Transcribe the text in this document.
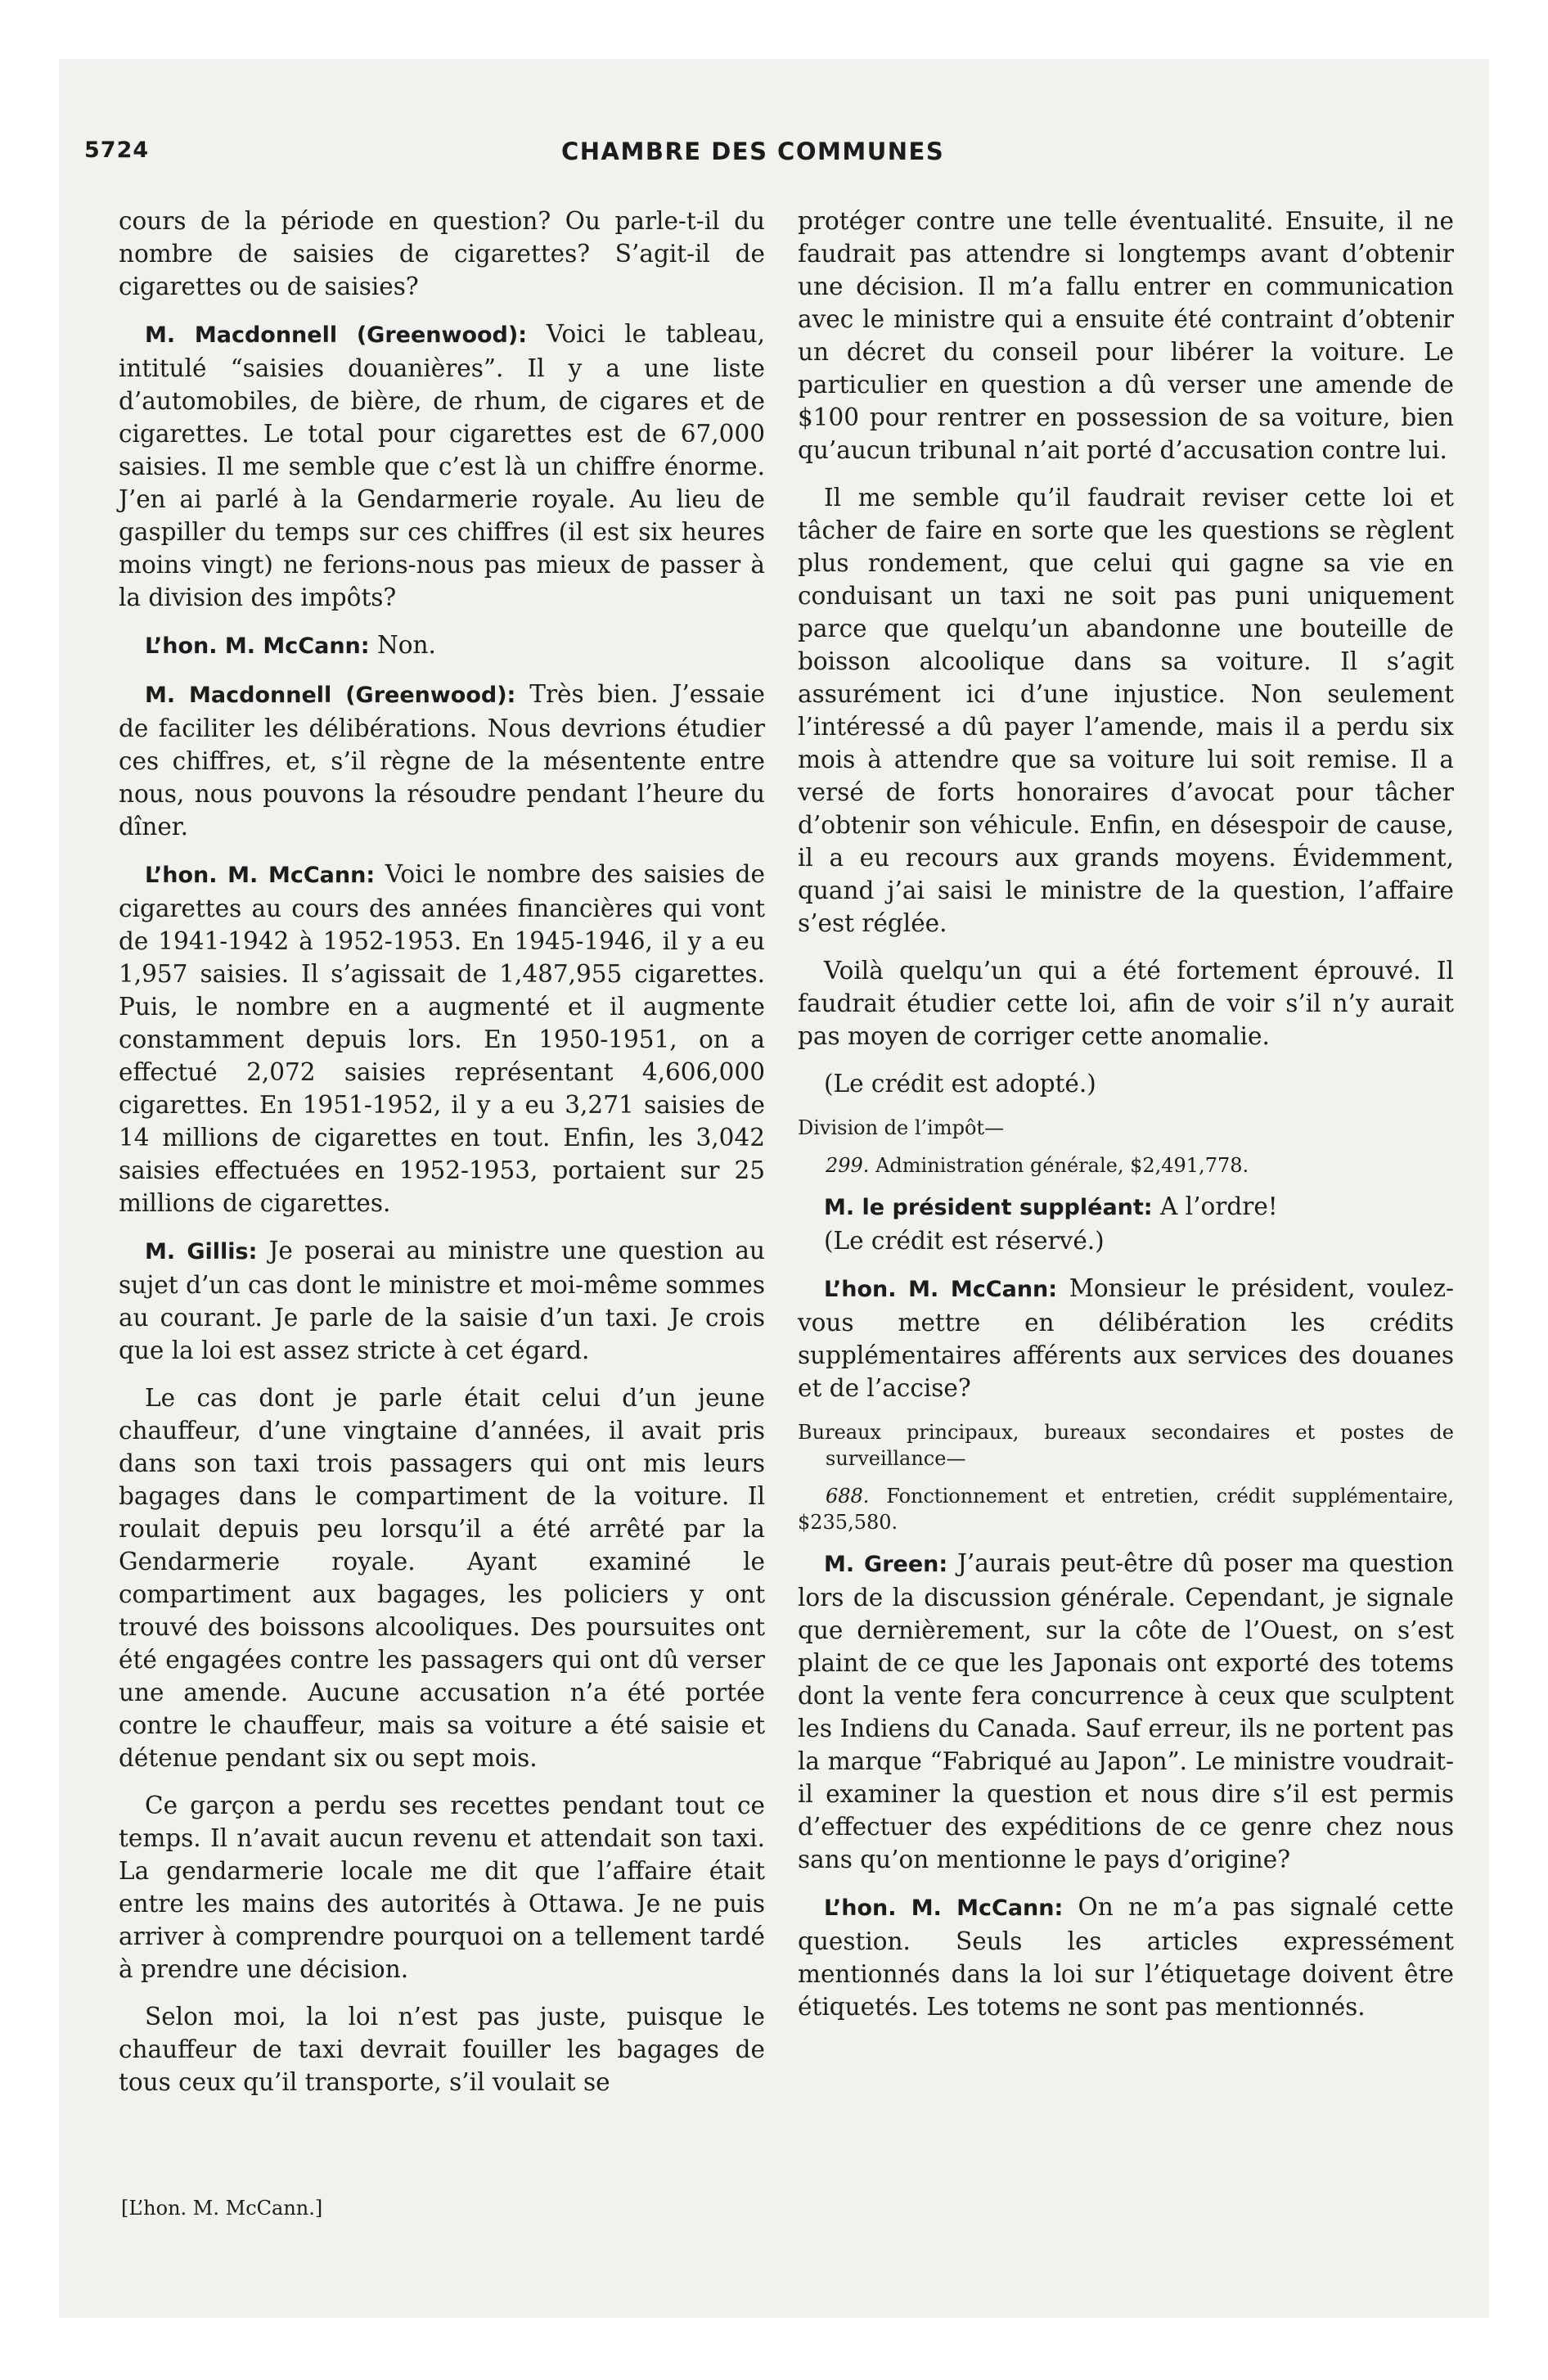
5724	CHAMBRE DES COMMUNES

cours de la période en question? Ou parle-t-il du nombre de saisies de cigarettes? S’agit-il de cigarettes ou de saisies?

M. Macdonnell (Greenwood): Voici le tableau, intitulé “saisies douanières”. Il y a une liste d’automobiles, de bière, de rhum, de cigares et de cigarettes. Le total pour cigarettes est de 67,000 saisies. Il me semble que c’est là un chiffre énorme. J’en ai parlé à la Gendarmerie royale. Au lieu de gaspiller du temps sur ces chiffres (il est six heures moins vingt) ne ferions-nous pas mieux de passer à la division des impôts?

L’hon. M. McCann: Non.

M. Macdonnell (Greenwood): Très bien. J’essaie de faciliter les délibérations. Nous devrions étudier ces chiffres, et, s’il règne de la mésentente entre nous, nous pouvons la résoudre pendant l’heure du dîner.

L’hon. M. McCann: Voici le nombre des saisies de cigarettes au cours des années financières qui vont de 1941-1942 à 1952-1953. En 1945-1946, il y a eu 1,957 saisies. Il s’agissait de 1,487,955 cigarettes. Puis, le nombre en a augmenté et il augmente constamment depuis lors. En 1950-1951, on a effectué 2,072 saisies représentant 4,606,000 cigarettes. En 1951-1952, il y a eu 3,271 saisies de 14 millions de cigarettes en tout. Enfin, les 3,042 saisies effectuées en 1952-1953, portaient sur 25 millions de cigarettes.

M. Gillis: Je poserai au ministre une question au sujet d’un cas dont le ministre et moi-même sommes au courant. Je parle de la saisie d’un taxi. Je crois que la loi est assez stricte à cet égard.

Le cas dont je parle était celui d’un jeune chauffeur, d’une vingtaine d’années, il avait pris dans son taxi trois passagers qui ont mis leurs bagages dans le compartiment de la voiture. Il roulait depuis peu lorsqu’il a été arrêté par la Gendarmerie royale. Ayant examiné le compartiment aux bagages, les policiers y ont trouvé des boissons alcooliques. Des poursuites ont été engagées contre les passagers qui ont dû verser une amende. Aucune accusation n’a été portée contre le chauffeur, mais sa voiture a été saisie et détenue pendant six ou sept mois.

Ce garçon a perdu ses recettes pendant tout ce temps. Il n’avait aucun revenu et attendait son taxi. La gendarmerie locale me dit que l’affaire était entre les mains des autorités à Ottawa. Je ne puis arriver à comprendre pourquoi on a tellement tardé à prendre une décision.

Selon moi, la loi n’est pas juste, puisque le chauffeur de taxi devrait fouiller les bagages de tous ceux qu’il transporte, s’il voulait se

protéger contre une telle éventualité. Ensuite, il ne faudrait pas attendre si longtemps avant d’obtenir une décision. Il m’a fallu entrer en communication avec le ministre qui a ensuite été contraint d’obtenir un décret du conseil pour libérer la voiture. Le particulier en question a dû verser une amende de $100 pour rentrer en possession de sa voiture, bien qu’aucun tribunal n’ait porté d’accusation contre lui.

Il me semble qu’il faudrait reviser cette loi et tâcher de faire en sorte que les questions se règlent plus rondement, que celui qui gagne sa vie en conduisant un taxi ne soit pas puni uniquement parce que quelqu’un abandonne une bouteille de boisson alcoolique dans sa voiture. Il s’agit assurément ici d’une injustice. Non seulement l’intéressé a dû payer l’amende, mais il a perdu six mois à attendre que sa voiture lui soit remise. Il a versé de forts honoraires d’avocat pour tâcher d’obtenir son véhicule. Enfin, en désespoir de cause, il a eu recours aux grands moyens. Évidemment, quand j’ai saisi le ministre de la question, l’affaire s’est réglée.

Voilà quelqu’un qui a été fortement éprouvé. Il faudrait étudier cette loi, afin de voir s’il n’y aurait pas moyen de corriger cette anomalie.

(Le crédit est adopté.)

Division de l’impôt—

299. Administration générale, $2,491,778.

M. le président suppléant: A l’ordre!

(Le crédit est réservé.)

L’hon. M. McCann: Monsieur le président, voulez-vous mettre en délibération les crédits supplémentaires afférents aux services des douanes et de l’accise?

Bureaux principaux, bureaux secondaires et postes de surveillance—

688. Fonctionnement et entretien, crédit supplémentaire, $235,580.

M. Green: J’aurais peut-être dû poser ma question lors de la discussion générale. Cependant, je signale que dernièrement, sur la côte de l’Ouest, on s’est plaint de ce que les Japonais ont exporté des totems dont la vente fera concurrence à ceux que sculptent les Indiens du Canada. Sauf erreur, ils ne portent pas la marque “Fabriqué au Japon”. Le ministre voudrait-il examiner la question et nous dire s’il est permis d’effectuer des expéditions de ce genre chez nous sans qu’on mentionne le pays d’origine?

L’hon. M. McCann: On ne m’a pas signalé cette question. Seuls les articles expressément mentionnés dans la loi sur l’étiquetage doivent être étiquetés. Les totems ne sont pas mentionnés.

[L’hon. M. McCann.]
